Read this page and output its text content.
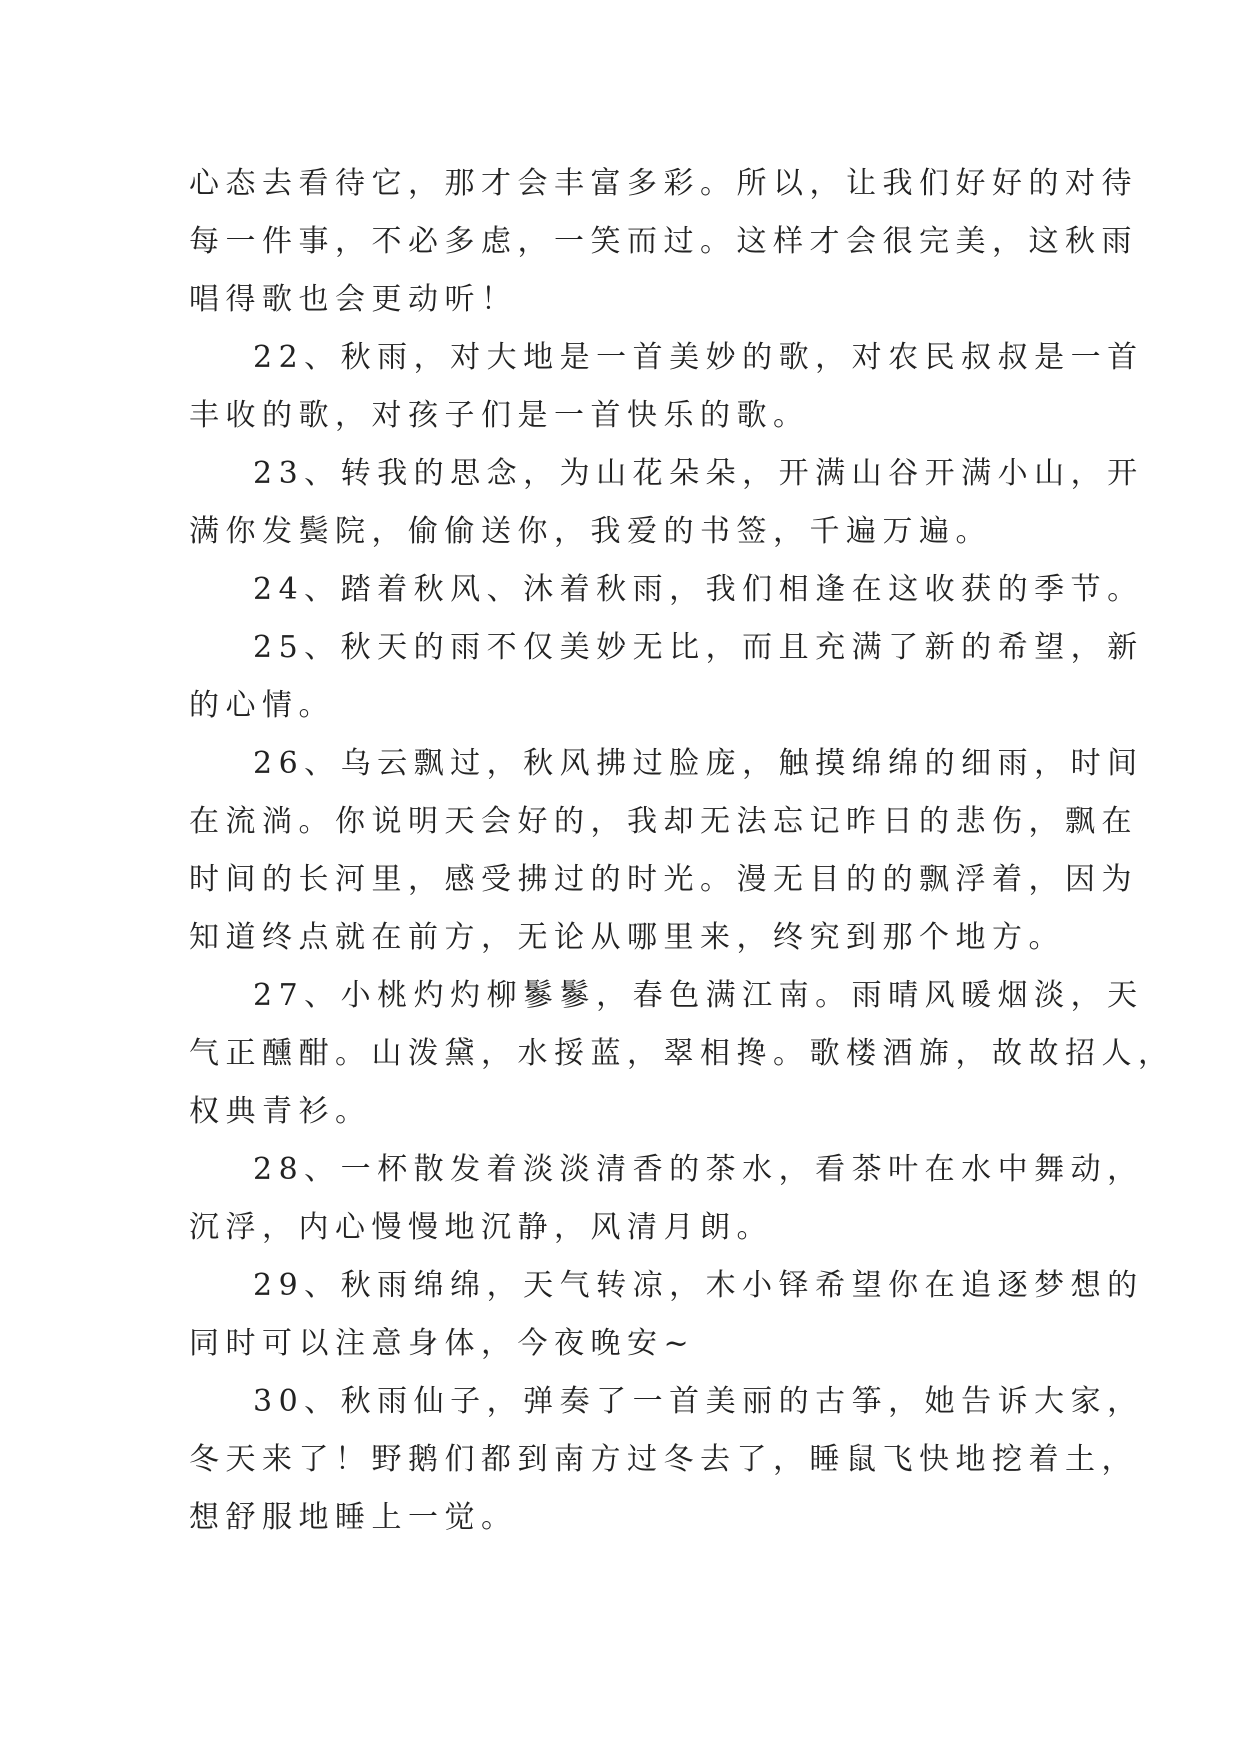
心态去看待它，那才会丰富多彩。所以，让我们好好的对待
每一件事，不必多虑，一笑而过。这样才会很完美，这秋雨
唱得歌也会更动听！
22、秋雨，对大地是一首美妙的歌，对农民叔叔是一首
丰收的歌，对孩子们是一首快乐的歌。
23、转我的思念，为山花朵朵，开满山谷开满小山，开
满你发鬓院，偷偷送你，我爱的书签，千遍万遍。
24、踏着秋风、沐着秋雨，我们相逢在这收获的季节。
25、秋天的雨不仅美妙无比，而且充满了新的希望，新
的心情。
26、乌云飘过，秋风拂过脸庞，触摸绵绵的细雨，时间
在流淌。你说明天会好的，我却无法忘记昨日的悲伤，飘在
时间的长河里，感受拂过的时光。漫无目的的飘浮着，因为
知道终点就在前方，无论从哪里来，终究到那个地方。
27、小桃灼灼柳鬖鬖，春色满江南。雨晴风暖烟淡，天
气正醺酣。山泼黛，水挼蓝，翠相搀。歌楼酒旆，故故招人，
权典青衫。
28、一杯散发着淡淡清香的茶水，看茶叶在水中舞动，
沉浮，内心慢慢地沉静，风清月朗。
29、秋雨绵绵，天气转凉，木小铎希望你在追逐梦想的
同时可以注意身体，今夜晚安~
30、秋雨仙子，弹奏了一首美丽的古筝，她告诉大家，
冬天来了！野鹅们都到南方过冬去了，睡鼠飞快地挖着土，
想舒服地睡上一觉。
